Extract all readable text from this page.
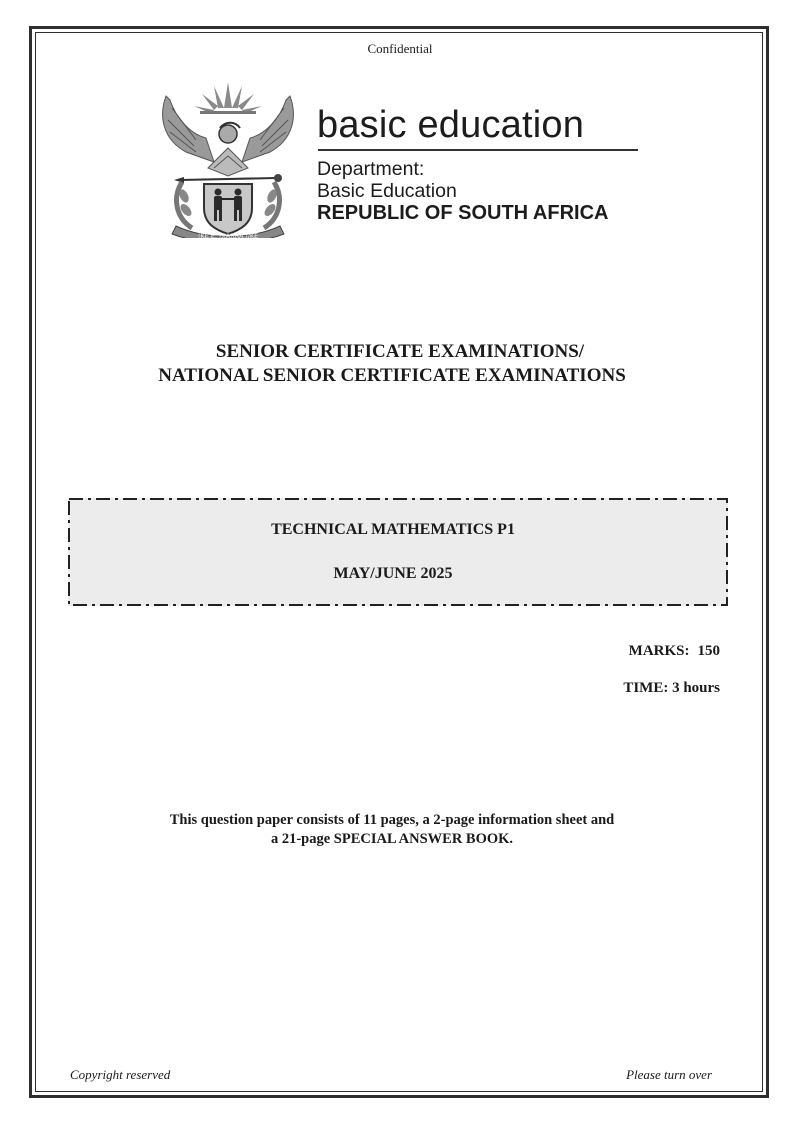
Confidential
!KE E: /XARRA //KE
basic education
Department:
Basic Education
REPUBLIC OF SOUTH AFRICA
SENIOR CERTIFICATE EXAMINATIONS/
NATIONAL SENIOR CERTIFICATE EXAMINATIONS
TECHNICAL MATHEMATICS P1
MAY/JUNE 2025
MARKS: 150
TIME: 3 hours
This question paper consists of 11 pages, a 2-page information sheet and
a 21-page SPECIAL ANSWER BOOK.
Copyright reserved	Please turn over
